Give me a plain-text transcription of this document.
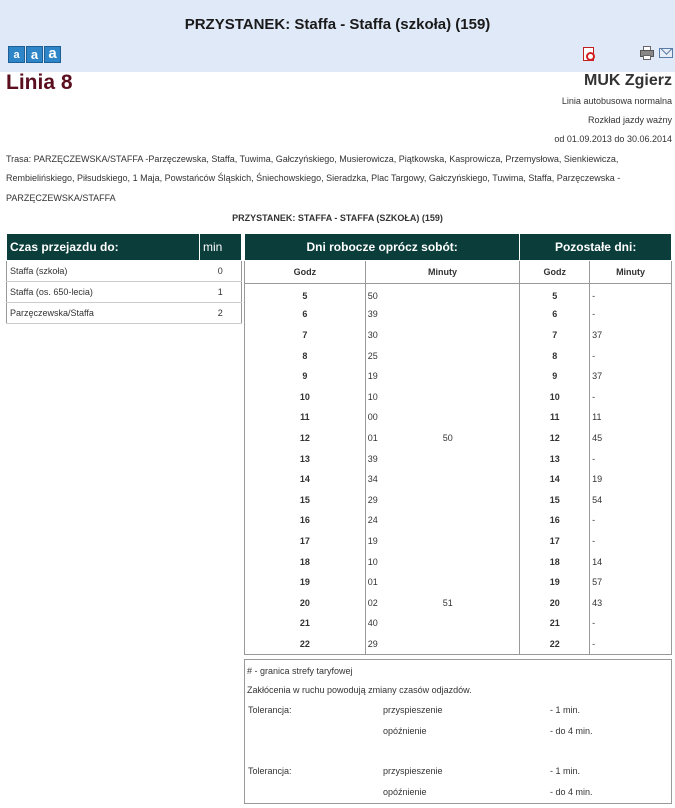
PRZYSTANEK: Staffa - Staffa (szkoła) (159)
a a a
Linia 8	MUK Zgierz
Linia autobusowa normalna
Rozkład jazdy ważny
od 01.09.2013 do 30.06.2014
Trasa: PARZĘCZEWSKA/STAFFA -Parzęczewska, Staffa, Tuwima, Gałczyńskiego, Musierowicza, Piątkowska, Kasprowicza, Przemysłowa, Sienkiewicza, Rembielińskiego, Piłsudskiego, 1 Maja, Powstańców Śląskich, Śniechowskiego, Sieradzka, Plac Targowy, Gałczyńskiego, Tuwima, Staffa, Parzęczewska - PARZĘCZEWSKA/STAFFA
PRZYSTANEK: STAFFA - STAFFA (SZKOŁA) (159)
Czas przejazdu do:	min
Staffa (szkoła)	0
Staffa (os. 650-lecia)	1
Parzęczewska/Staffa	2
Dni robocze oprócz sobót:		Pozostałe dni:	
Godz	Minuty	Godz	Minuty
5	50	5	-
6	39	6	-
7	30	7	37
8	25	8	-
9	19	9	37
10	10	10	-
11	00	11	11
12	01 50	12	45
13	39	13	-
14	34	14	19
15	29	15	54
16	24	16	-
17	19	17	-
18	10	18	14
19	01	19	57
20	02 51	20	43
21	40	21	-
22	29	22	-
# - granica strefy taryfowej
Zakłócenia w ruchu powodują zmiany czasów odjazdów.
Tolerancja:	przyspieszenie	- 1 min.
opóźnienie	- do 4 min.
Tolerancja:	przyspieszenie	- 1 min.
opóźnienie	- do 4 min.
